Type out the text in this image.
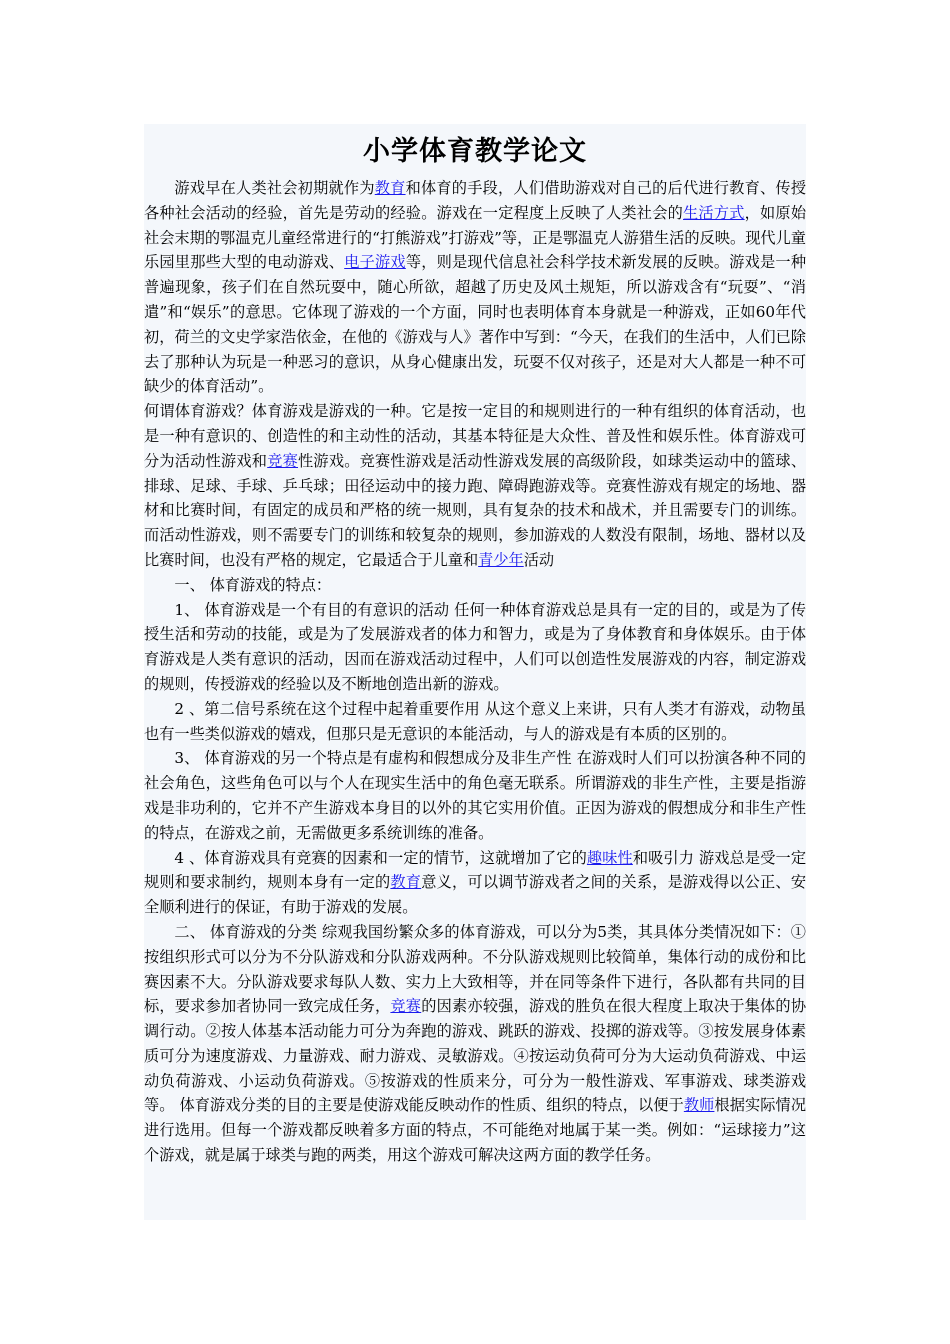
小学体育教学论文

游戏早在人类社会初期就作为教育和体育的手段，人们借助游戏对自己的后代进行教育、传授各种社会活动的经验，首先是劳动的经验。游戏在一定程度上反映了人类社会的生活方式，如原始社会末期的鄂温克儿童经常进行的“打熊游戏”打游戏”等，正是鄂温克人游猎生活的反映。现代儿童乐园里那些大型的电动游戏、电子游戏等，则是现代信息社会科学技术新发展的反映。游戏是一种普遍现象，孩子们在自然玩耍中，随心所欲，超越了历史及风土规矩，所以游戏含有“玩耍”、“消遣”和“娱乐”的意思。它体现了游戏的一个方面，同时也表明体育本身就是一种游戏，正如60年代初，荷兰的文史学家浩依金，在他的《游戏与人》著作中写到：“今天，在我们的生活中，人们已除去了那种认为玩是一种恶习的意识，从身心健康出发，玩耍不仅对孩子，还是对大人都是一种不可缺少的体育活动”。

何谓体育游戏？体育游戏是游戏的一种。它是按一定目的和规则进行的一种有组织的体育活动，也是一种有意识的、创造性的和主动性的活动，其基本特征是大众性、普及性和娱乐性。体育游戏可分为活动性游戏和竞赛性游戏。竞赛性游戏是活动性游戏发展的高级阶段，如球类运动中的篮球、排球、足球、手球、乒乓球；田径运动中的接力跑、障碍跑游戏等。竞赛性游戏有规定的场地、器材和比赛时间，有固定的成员和严格的统一规则，具有复杂的技术和战术，并且需要专门的训练。而活动性游戏，则不需要专门的训练和较复杂的规则，参加游戏的人数没有限制，场地、器材以及比赛时间，也没有严格的规定，它最适合于儿童和青少年活动

一、 体育游戏的特点：

1、 体育游戏是一个有目的有意识的活动 任何一种体育游戏总是具有一定的目的，或是为了传授生活和劳动的技能，或是为了发展游戏者的体力和智力，或是为了身体教育和身体娱乐。由于体育游戏是人类有意识的活动，因而在游戏活动过程中，人们可以创造性发展游戏的内容，制定游戏的规则，传授游戏的经验以及不断地创造出新的游戏。

2 、第二信号系统在这个过程中起着重要作用 从这个意义上来讲，只有人类才有游戏，动物虽也有一些类似游戏的嬉戏，但那只是无意识的本能活动，与人的游戏是有本质的区别的。

3、 体育游戏的另一个特点是有虚构和假想成分及非生产性 在游戏时人们可以扮演各种不同的社会角色，这些角色可以与个人在现实生活中的角色毫无联系。所谓游戏的非生产性，主要是指游戏是非功利的，它并不产生游戏本身目的以外的其它实用价值。正因为游戏的假想成分和非生产性的特点，在游戏之前，无需做更多系统训练的准备。

4 、体育游戏具有竞赛的因素和一定的情节，这就增加了它的趣味性和吸引力 游戏总是受一定规则和要求制约，规则本身有一定的教育意义，可以调节游戏者之间的关系，是游戏得以公正、安全顺利进行的保证，有助于游戏的发展。

二、 体育游戏的分类 综观我国纷繁众多的体育游戏，可以分为5类，其具体分类情况如下：①按组织形式可以分为不分队游戏和分队游戏两种。不分队游戏规则比较简单，集体行动的成份和比赛因素不大。分队游戏要求每队人数、实力上大致相等，并在同等条件下进行，各队都有共同的目标，要求参加者协同一致完成任务，竞赛的因素亦较强，游戏的胜负在很大程度上取决于集体的协调行动。②按人体基本活动能力可分为奔跑的游戏、跳跃的游戏、投掷的游戏等。③按发展身体素质可分为速度游戏、力量游戏、耐力游戏、灵敏游戏。④按运动负荷可分为大运动负荷游戏、中运动负荷游戏、小运动负荷游戏。⑤按游戏的性质来分，可分为一般性游戏、军事游戏、球类游戏等。 体育游戏分类的目的主要是使游戏能反映动作的性质、组织的特点，以便于教师根据实际情况进行选用。但每一个游戏都反映着多方面的特点，不可能绝对地属于某一类。例如：“运球接力”这个游戏，就是属于球类与跑的两类，用这个游戏可解决这两方面的教学任务。
